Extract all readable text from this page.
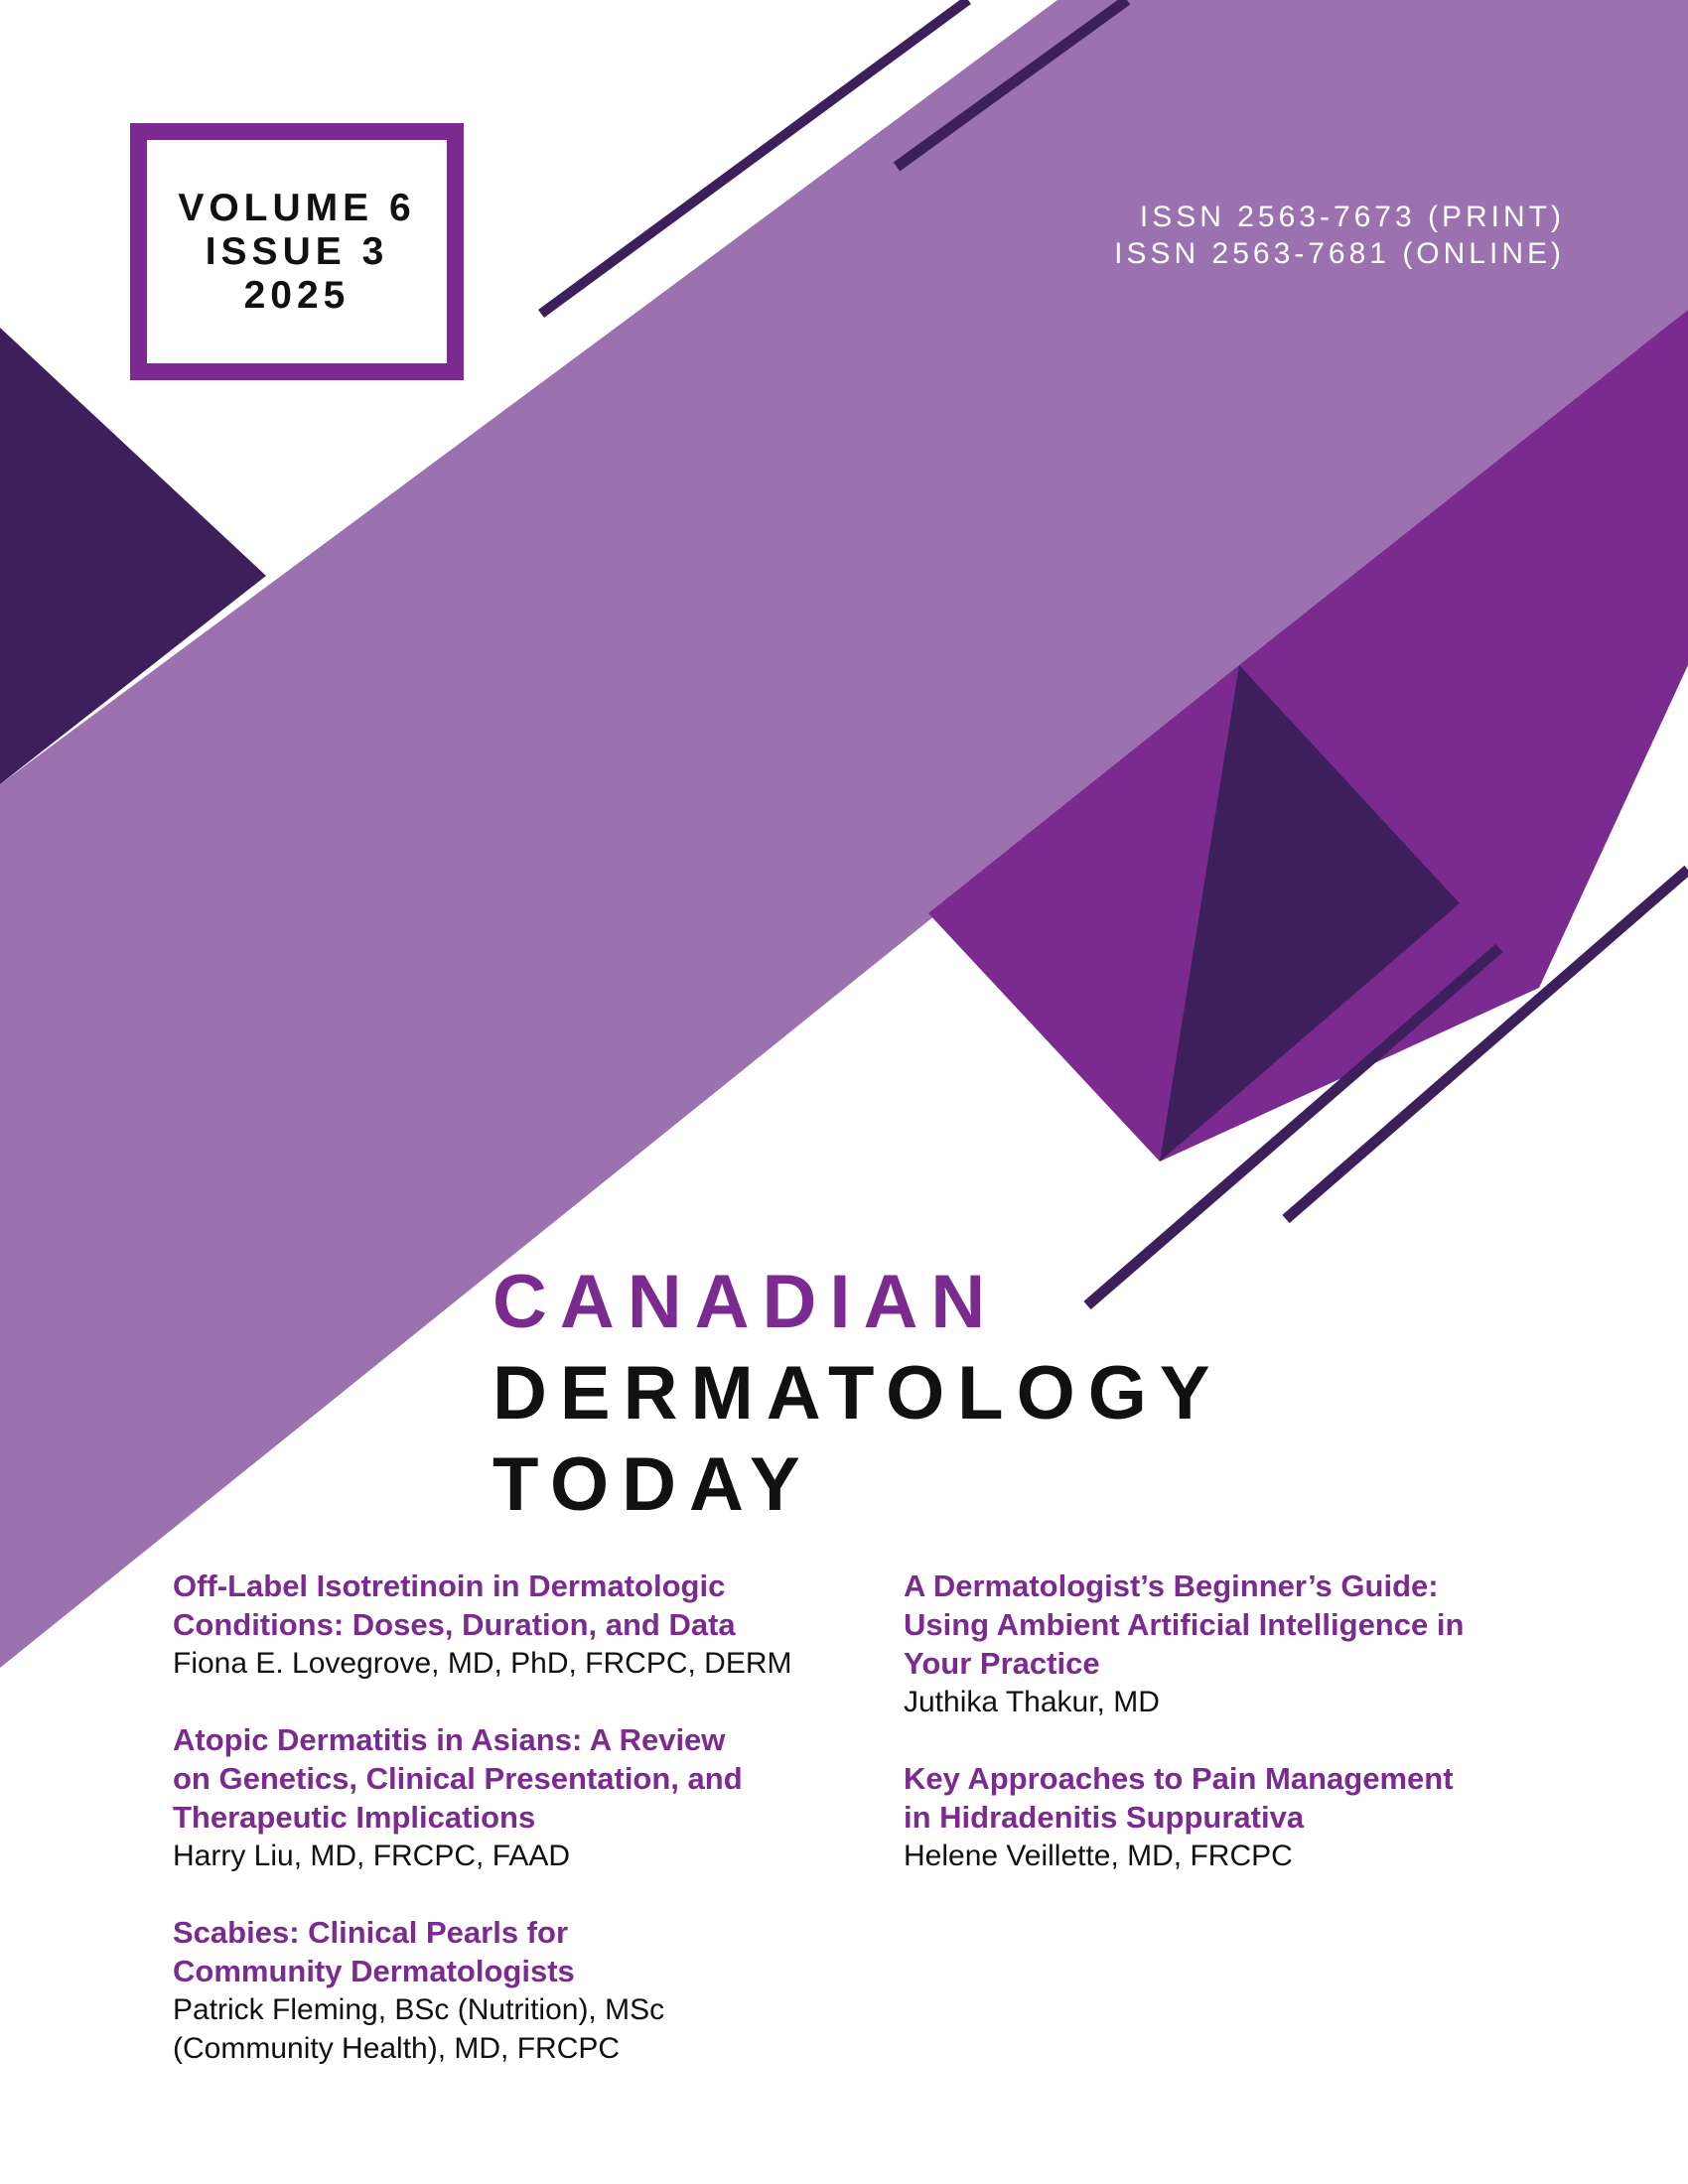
VOLUME 6
ISSUE 3
2025
ISSN 2563-7673 (PRINT)
ISSN 2563-7681 (ONLINE)
CANADIAN
DERMATOLOGY
TODAY
Off-Label Isotretinoin in Dermatologic
Conditions: Doses, Duration, and Data
Fiona E. Lovegrove, MD, PhD, FRCPC, DERM
Atopic Dermatitis in Asians: A Review
on Genetics, Clinical Presentation, and
Therapeutic Implications
Harry Liu, MD, FRCPC, FAAD
Scabies: Clinical Pearls for
Community Dermatologists
Patrick Fleming, BSc (Nutrition), MSc
(Community Health), MD, FRCPC
A Dermatologist’s Beginner’s Guide:
Using Ambient Artificial Intelligence in
Your Practice
Juthika Thakur, MD
Key Approaches to Pain Management
in Hidradenitis Suppurativa
Helene Veillette, MD, FRCPC
